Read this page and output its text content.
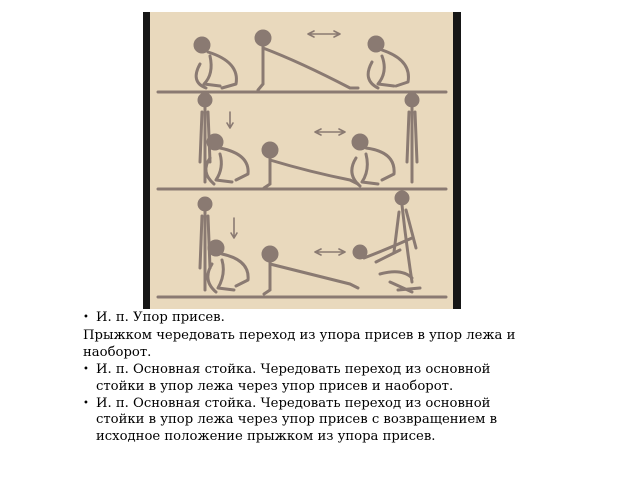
• И. п. Упор присев.
Прыжком чередовать переход из упора присев в упор лежа и наоборот.
• И. п. Основная стойка. Чередовать переход из основной стойки в упор лежа через упор присев и наоборот.
• И. п. Основная стойка. Чередовать переход из основной стойки в упор лежа через упор присев с возвращением в исходное положение прыжком из упора присев.
